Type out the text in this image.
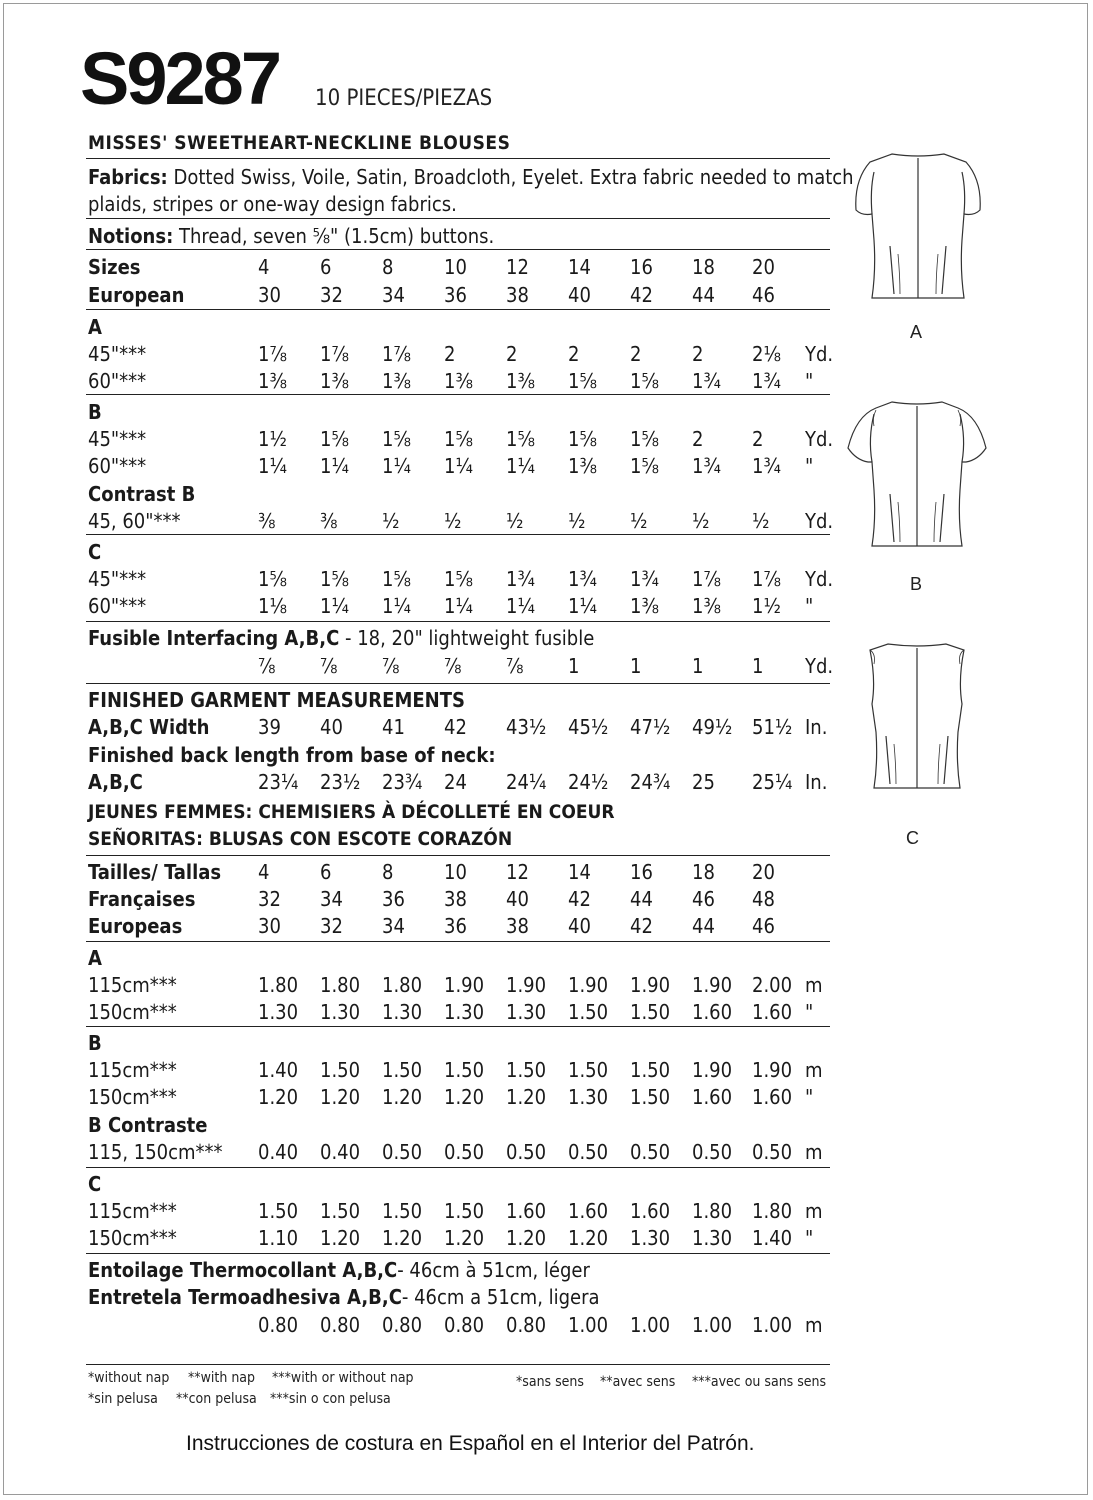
S9287 10 PIECES/PIEZAS
MISSES' SWEETHEART-NECKLINE BLOUSES
Fabrics: Dotted Swiss, Voile, Satin, Broadcloth, Eyelet. Extra fabric needed to match
plaids, stripes or one-way design fabrics.
Notions: Thread, seven ⅝" (1.5cm) buttons.
Sizes	4	6	8	10 12 14 16 18 20
European	30 32 34 36 38 40 42 44 46
A
45"***	1⅞ 1⅞ 1⅞ 2	2	2	2	2 2⅛ Yd.
60"***	1⅜ 1⅜ 1⅜ 1⅜ 1⅜ 1⅝ 1⅝ 1¾ 1¾ "
B
45"***	1½ 1⅝ 1⅝ 1⅝ 1⅝ 1⅝ 1⅝ 2 2 Yd.
60"***	1¼ 1¼ 1¼ 1¼ 1¼ 1⅜ 1⅝ 1¾ 1¾ "
Contrast B
45, 60"***	⅜ ⅜ ½ ½ ½ ½ ½ ½ ½ Yd.
C
45"***	1⅝ 1⅝ 1⅝ 1⅝ 1¾ 1¾ 1¾ 1⅞ 1⅞ Yd.
60"***	1⅛ 1¼ 1¼ 1¼ 1¼ 1¼ 1⅜ 1⅜ 1½ "
Fusible Interfacing A,B,C - 18, 20" lightweight fusible
⅞ ⅞ ⅞ ⅞ ⅞ 1	1	1 1 Yd.
FINISHED GARMENT MEASUREMENTS
A,B,C Width 39 40 41 42 43½ 45½ 47½ 49½ 51½ In.
Finished back length from base of neck:
A,B,C	23¼ 23½ 23¾ 24 24¼ 24½ 24¾ 25 25¼ In.
JEUNES FEMMES: CHEMISIERS À DÉCOLLETÉ EN COEUR
SEÑORITAS: BLUSAS CON ESCOTE CORAZÓN
Tailles/ Tallas 4	6	8	10 12 14 16 18 20
Françaises	32 34 36 38 40 42 44 46 48
Europeas	30 32 34 36 38 40 42 44 46
A
115cm***	1.80 1.80 1.80 1.90 1.90 1.90 1.90 1.90 2.00 m
150cm***	1.30 1.30 1.30 1.30 1.30 1.50 1.50 1.60 1.60 "
B
115cm***	1.40 1.50 1.50 1.50 1.50 1.50 1.50 1.90 1.90 m
150cm***	1.20 1.20 1.20 1.20 1.20 1.30 1.50 1.60 1.60 "
B Contraste
115, 150cm*** 0.40 0.40 0.50 0.50 0.50 0.50 0.50 0.50 0.50 m
C
115cm***	1.50 1.50 1.50 1.50 1.60 1.60 1.60 1.80 1.80 m
150cm***	1.10 1.20 1.20 1.20 1.20 1.20 1.30 1.30 1.40 "
Entoilage Thermocollant A,B,C- 46cm à 51cm, léger
Entretela Termoadhesiva A,B,C- 46cm a 51cm, ligera
0.80 0.80 0.80 0.80 0.80 1.00 1.00 1.00 1.00 m
*without nap **with nap ***with or without nap
*sin pelusa **con pelusa ***sin o con pelusa
*sans sens **avec sens ***avec ou sans sens
Instrucciones de costura en Español en el Interior del Patrón.
A
B
C
